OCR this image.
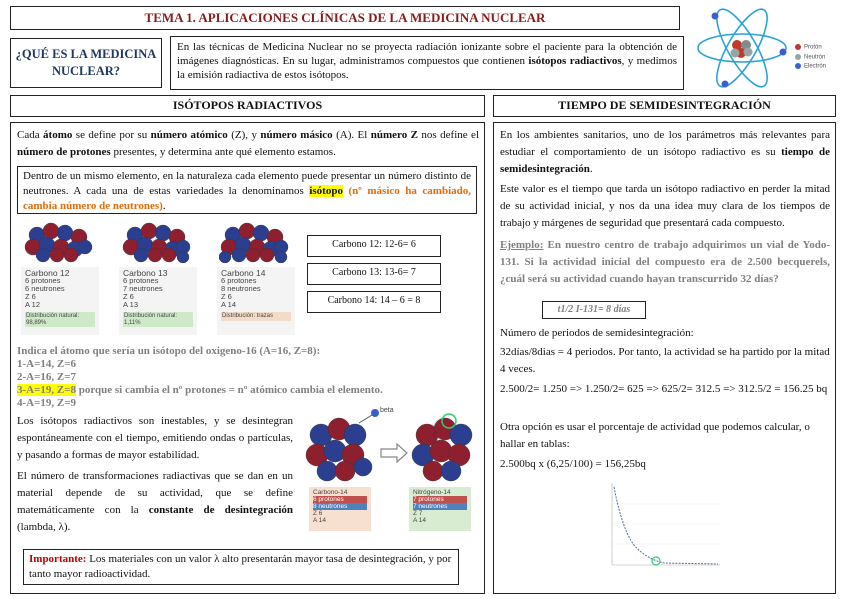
TEMA 1. APLICACIONES CLÍNICAS DE LA MEDICINA NUCLEAR
Protón
Neutrón
Electrón
¿QUÉ ES LA MEDICINA NUCLEAR?
En las técnicas de Medicina Nuclear no se proyecta radiación ionizante sobre el paciente para la obtención de imágenes diagnósticas. En su lugar, administramos compuestos que contienen isótopos radiactivos, y medimos la emisión radiactiva de estos isótopos.
ISÓTOPOS RADIACTIVOS	TIEMPO DE SEMIDESINTEGRACIÓN
Cada átomo se define por su número atómico (Z), y número másico (A). El número Z nos define el número de protones presentes, y determina ante qué elemento estamos.
Dentro de un mismo elemento, en la naturaleza cada elemento puede presentar un número distinto de neutrones. A cada una de estas variedades la denominamos isótopo (nº másico ha cambiado, cambia número de neutrones).
Carbono 12
6 protones
6 neutrones
Z 6
A 12
Distribución natural: 98,89%
Carbono 13
6 protones
7 neutrones
Z 6
A 13
Distribución natural: 1,11%
Carbono 14
6 protones
8 neutrones
Z 6
A 14
Distribución: trazas
Carbono 12: 12-6= 6
Carbono 13: 13-6= 7
Carbono 14: 14 – 6 = 8
Indica el átomo que sería un isótopo del oxigeno-16 (A=16, Z=8):
1-A=14, Z=6
2-A=16, Z=7
3-A=19, Z=8 porque si cambia el nº protones = nº atómico cambia el elemento.
4-A=19, Z=9
Los isótopos radiactivos son inestables, y se desintegran espontáneamente con el tiempo, emitiendo ondas o partículas, y pasando a formas de mayor estabilidad.
El número de transformaciones radiactivas que se dan en un material depende de su actividad, que se define matemáticamente con la constante de desintegración (lambda, λ).
beta
Carbono-14
6 protones
8 neutrones
Z 6
A 14
Nitrógeno-14
7 protones
7 neutrones
Z 7
A 14
Importante: Los materiales con un valor λ alto presentarán mayor tasa de desintegración, y por tanto mayor radioactividad.
En los ambientes sanitarios, uno de los parámetros más relevantes para estudiar el comportamiento de un isótopo radiactivo es su tiempo de semidesintegración.
Este valor es el tiempo que tarda un isótopo radiactivo en perder la mitad de su actividad inicial, y nos da una idea muy clara de los tiempos de trabajo y márgenes de seguridad que presentará cada compuesto.
Ejemplo: En nuestro centro de trabajo adquirimos un vial de Yodo-131. Si la actividad inicial del compuesto era de 2.500 becquerels, ¿cuál será su actividad cuando hayan transcurrido 32 días?
t1/2 I-131= 8 días
Número de periodos de semidesintegración:
32días/8dias = 4 periodos. Por tanto, la actividad se ha partido por la mitad 4 veces.
2.500/2= 1.250 => 1.250/2= 625 => 625/2= 312.5 => 312.5/2 = 156.25 bq
Otra opción es usar el porcentaje de actividad que podemos calcular, o hallar en tablas:
2.500bq x (6,25/100) = 156,25bq
